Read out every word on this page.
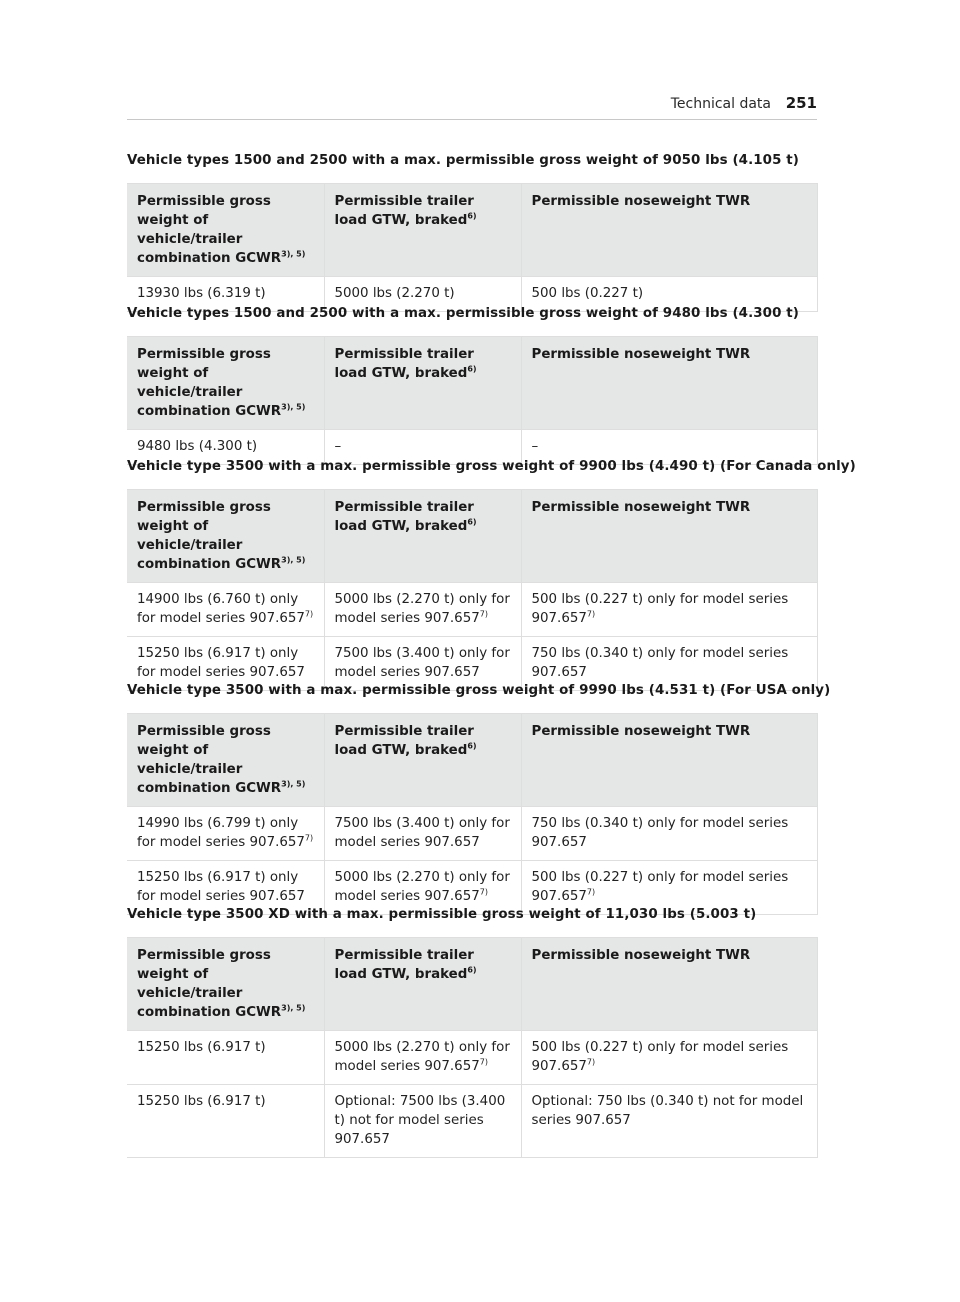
Technical data 251
Vehicle types 1500 and 2500 with a max. permissible gross weight of 9050 lbs (4.105 t)
Permissible gross weight of vehicle/trailer combination $GCWR^{3), 5)}$	Permissible trailer load GTW, braked$^{6)}$	Permissible noseweight TWR
13930 lbs (6.319 t)	5000 lbs (2.270 t)	500 lbs (0.227 t)
Vehicle types 1500 and 2500 with a max. permissible gross weight of 9480 lbs (4.300 t)
Permissible gross weight of vehicle/trailer combination $GCWR^{3), 5)}$	Permissible trailer load GTW, braked$^{6)}$	Permissible noseweight TWR
9480 lbs (4.300 t)	–	–
Vehicle type 3500 with a max. permissible gross weight of 9900 lbs (4.490 t) (For Canada only)
Permissible gross weight of vehicle/trailer combination $GCWR^{3), 5)}$	Permissible trailer load GTW, braked$^{6)}$	Permissible noseweight TWR
14900 lbs (6.760 t) only for model series 907.657$^{7)}$	5000 lbs (2.270 t) only for model series 907.657$^{7)}$	500 lbs (0.227 t) only for model series 907.657$^{7)}$
15250 lbs (6.917 t) only for model series 907.657	7500 lbs (3.400 t) only for model series 907.657	750 lbs (0.340 t) only for model series 907.657
Vehicle type 3500 with a max. permissible gross weight of 9990 lbs (4.531 t) (For USA only)
Permissible gross weight of vehicle/trailer combination $GCWR^{3), 5)}$	Permissible trailer load GTW, braked$^{6)}$	Permissible noseweight TWR
14990 lbs (6.799 t) only for model series 907.657$^{7)}$	7500 lbs (3.400 t) only for model series 907.657	750 lbs (0.340 t) only for model series 907.657
15250 lbs (6.917 t) only for model series 907.657	5000 lbs (2.270 t) only for model series 907.657$^{7)}$	500 lbs (0.227 t) only for model series 907.657$^{7)}$
Vehicle type 3500 XD with a max. permissible gross weight of 11,030 lbs (5.003 t)
Permissible gross weight of vehicle/trailer combination $GCWR^{3), 5)}$	Permissible trailer load GTW, braked$^{6)}$	Permissible noseweight TWR
15250 lbs (6.917 t)	5000 lbs (2.270 t) only for model series 907.657$^{7)}$	500 lbs (0.227 t) only for model series 907.657$^{7)}$
15250 lbs (6.917 t)	Optional: 7500 lbs (3.400 t) not for model series 907.657	Optional: 750 lbs (0.340 t) not for model series 907.657
